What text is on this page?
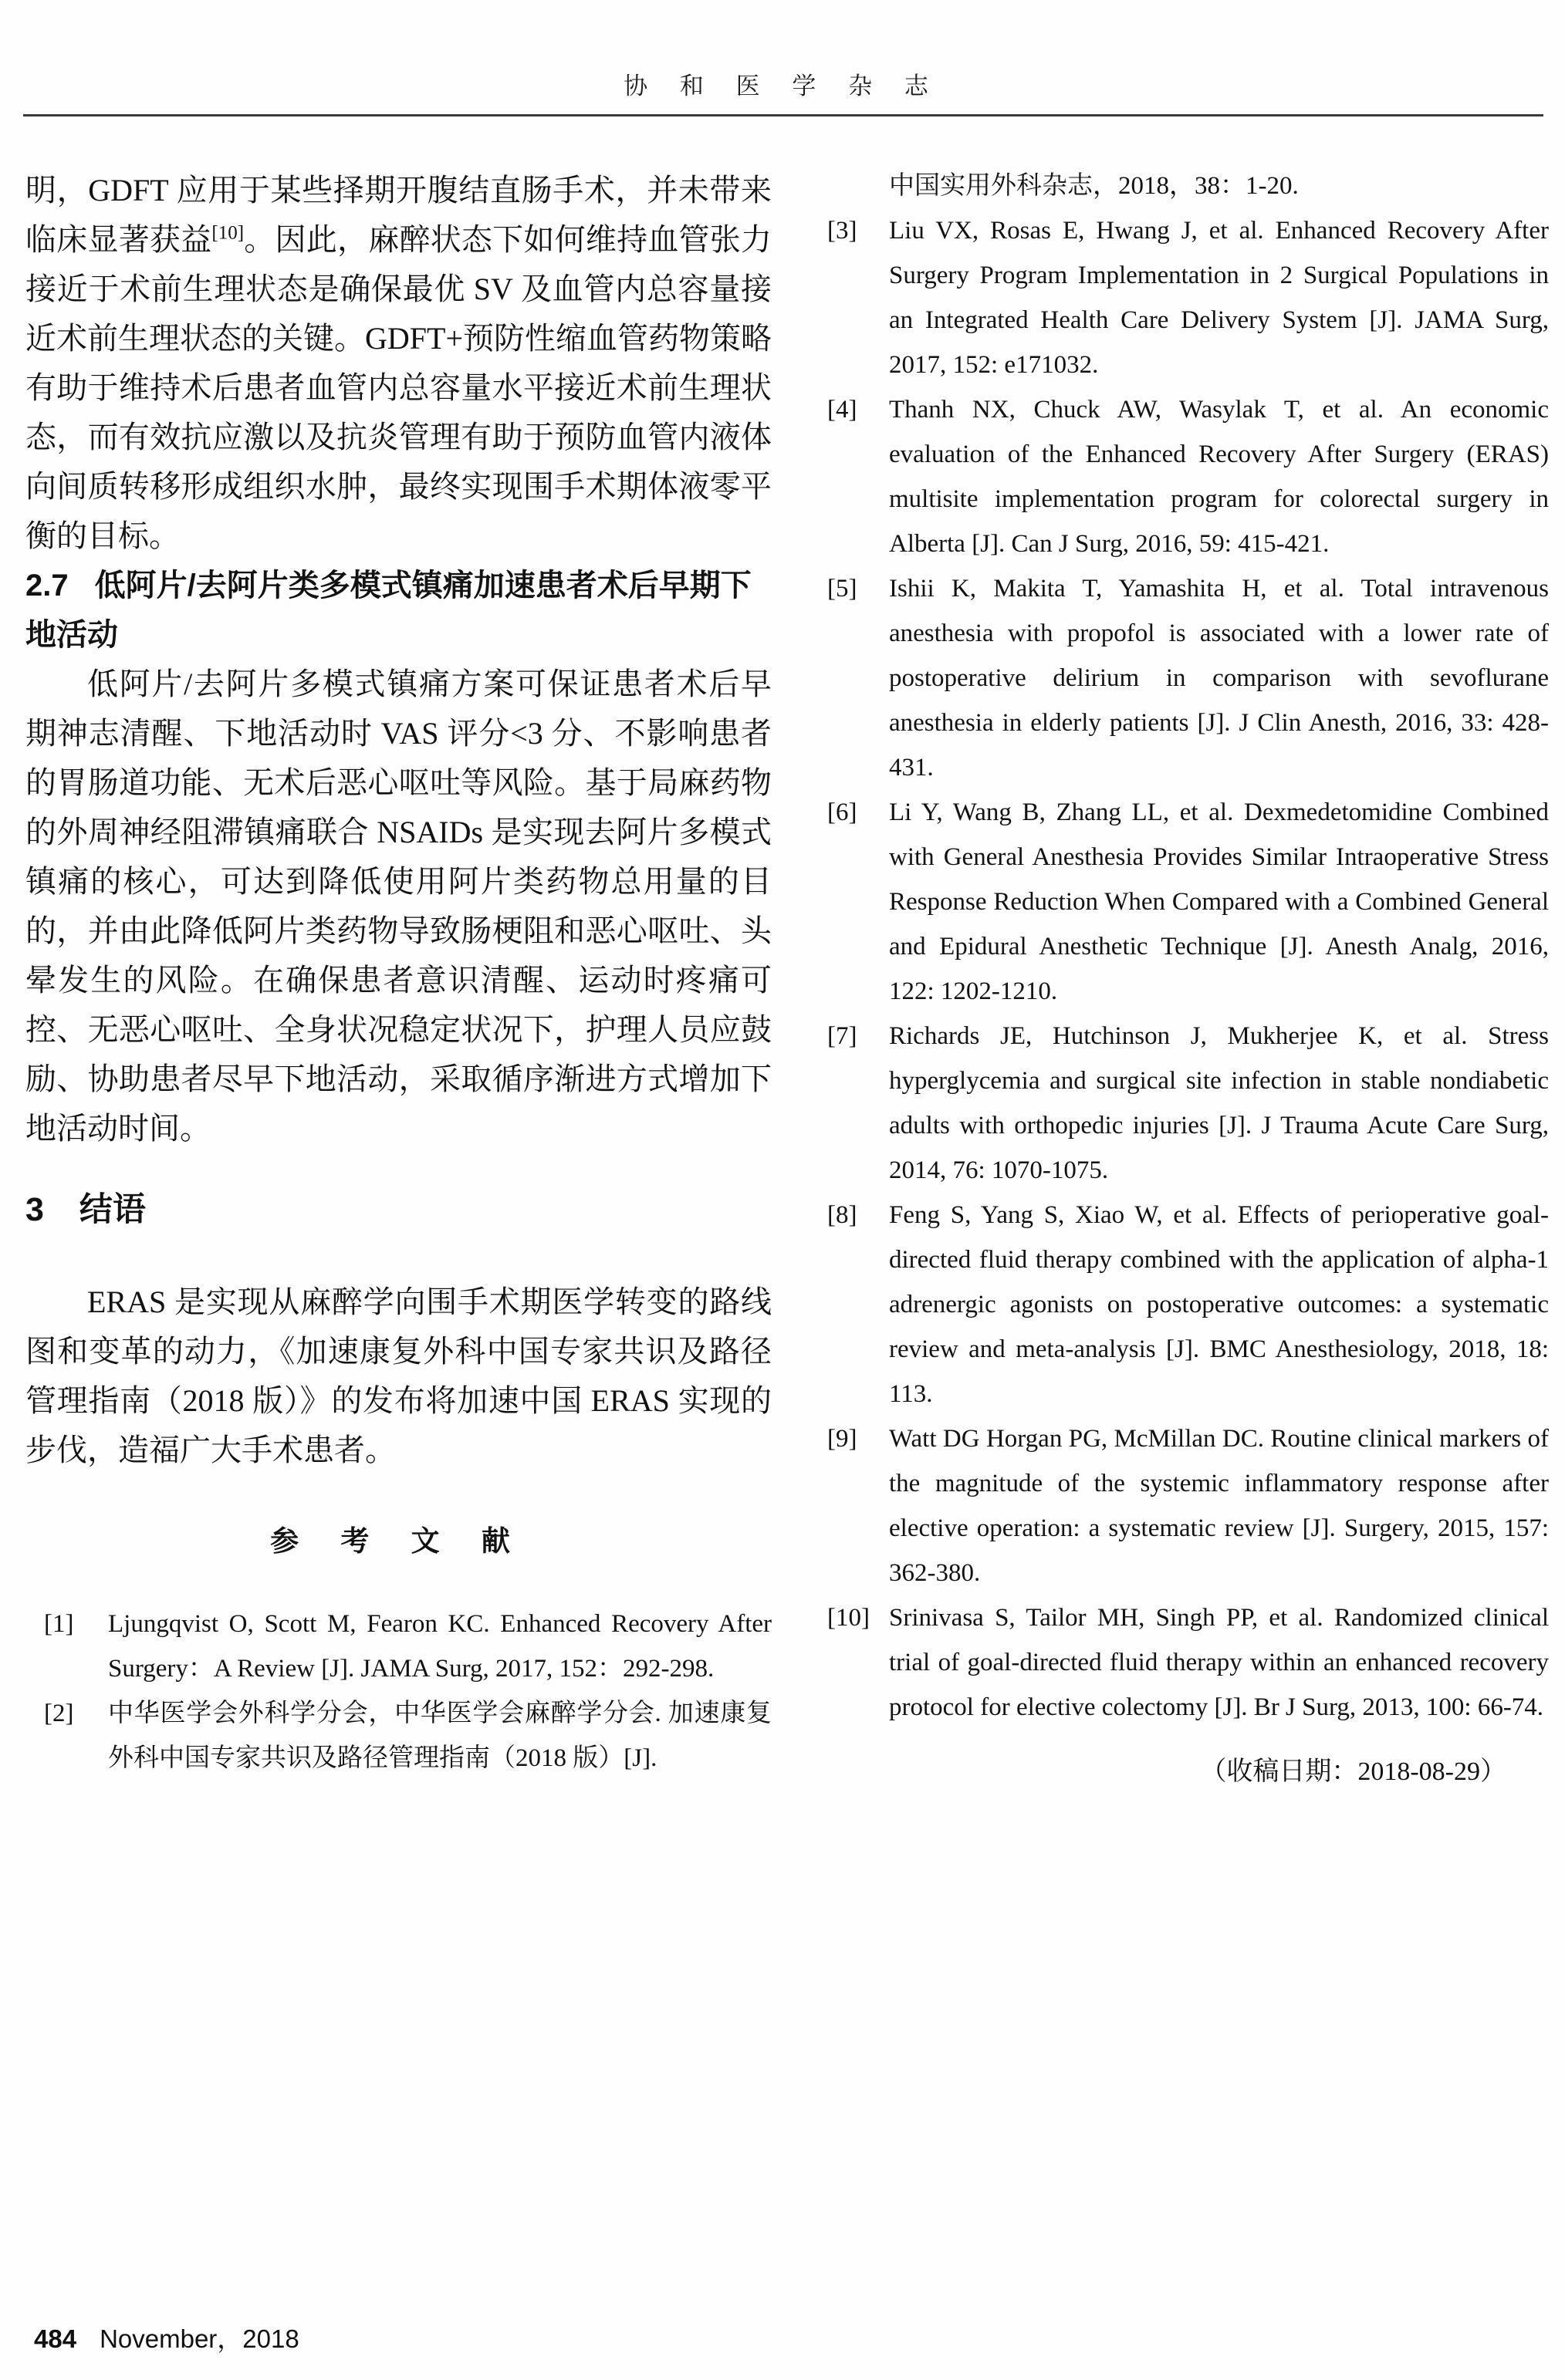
协 和 医 学 杂 志

明，GDFT 应用于某些择期开腹结直肠手术，并未带来临床显著获益[10]。因此，麻醉状态下如何维持血管张力接近于术前生理状态是确保最优 SV 及血管内总容量接近术前生理状态的关键。GDFT+预防性缩血管药物策略有助于维持术后患者血管内总容量水平接近术前生理状态，而有效抗应激以及抗炎管理有助于预防血管内液体向间质转移形成组织水肿，最终实现围手术期体液零平衡的目标。

2.7 低阿片/去阿片类多模式镇痛加速患者术后早期下地活动

低阿片/去阿片多模式镇痛方案可保证患者术后早期神志清醒、下地活动时 VAS 评分<3 分、不影响患者的胃肠道功能、无术后恶心呕吐等风险。基于局麻药物的外周神经阻滞镇痛联合 NSAIDs 是实现去阿片多模式镇痛的核心，可达到降低使用阿片类药物总用量的目的，并由此降低阿片类药物导致肠梗阻和恶心呕吐、头晕发生的风险。在确保患者意识清醒、运动时疼痛可控、无恶心呕吐、全身状况稳定状况下，护理人员应鼓励、协助患者尽早下地活动，采取循序渐进方式增加下地活动时间。

3 结语

ERAS 是实现从麻醉学向围手术期医学转变的路线图和变革的动力，《加速康复外科中国专家共识及路径管理指南（2018 版）》的发布将加速中国 ERAS 实现的步伐，造福广大手术患者。

参 考 文 献
[1] Ljungqvist O, Scott M, Fearon KC. Enhanced Recovery After Surgery：A Review [J]. JAMA Surg, 2017, 152：292-298.
[2] 中华医学会外科学分会，中华医学会麻醉学分会. 加速康复外科中国专家共识及路径管理指南（2018 版）[J].
中国实用外科杂志，2018，38：1-20.
[3] Liu VX, Rosas E, Hwang J, et al. Enhanced Recovery After Surgery Program Implementation in 2 Surgical Populations in an Integrated Health Care Delivery System [J]. JAMA Surg, 2017, 152: e171032.
[4] Thanh NX, Chuck AW, Wasylak T, et al. An economic evaluation of the Enhanced Recovery After Surgery (ERAS) multisite implementation program for colorectal surgery in Alberta [J]. Can J Surg, 2016, 59: 415-421.
[5] Ishii K, Makita T, Yamashita H, et al. Total intravenous anesthesia with propofol is associated with a lower rate of postoperative delirium in comparison with sevoflurane anesthesia in elderly patients [J]. J Clin Anesth, 2016, 33: 428-431.
[6] Li Y, Wang B, Zhang LL, et al. Dexmedetomidine Combined with General Anesthesia Provides Similar Intraoperative Stress Response Reduction When Compared with a Combined General and Epidural Anesthetic Technique [J]. Anesth Analg, 2016, 122: 1202-1210.
[7] Richards JE, Hutchinson J, Mukherjee K, et al. Stress hyperglycemia and surgical site infection in stable nondiabetic adults with orthopedic injuries [J]. J Trauma Acute Care Surg, 2014, 76: 1070-1075.
[8] Feng S, Yang S, Xiao W, et al. Effects of perioperative goal-directed fluid therapy combined with the application of alpha-1 adrenergic agonists on postoperative outcomes: a systematic review and meta-analysis [J]. BMC Anesthesiology, 2018, 18: 113.
[9] Watt DG Horgan PG, McMillan DC. Routine clinical markers of the magnitude of the systemic inflammatory response after elective operation: a systematic review [J]. Surgery, 2015, 157: 362-380.
[10] Srinivasa S, Tailor MH, Singh PP, et al. Randomized clinical trial of goal-directed fluid therapy within an enhanced recovery protocol for elective colectomy [J]. Br J Surg, 2013, 100: 66-74.
（收稿日期：2018-08-29）
484 November，2018
